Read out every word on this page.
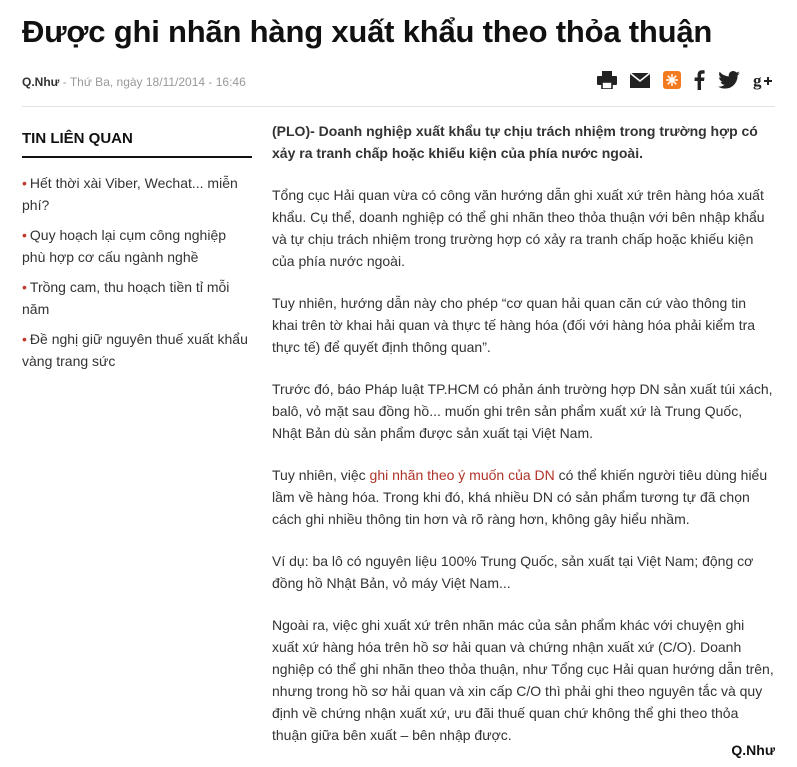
Được ghi nhãn hàng xuất khẩu theo thỏa thuận
Q.Như - Thứ Ba, ngày 18/11/2014 - 16:46	g
TIN LIÊN QUAN
• Hết thời xài Viber, Wechat... miễn phí?
• Quy hoạch lại cụm công nghiệp phù hợp cơ cấu ngành nghề
• Trồng cam, thu hoạch tiền tỉ mỗi năm
• Đề nghị giữ nguyên thuế xuất khẩu vàng trang sức

(PLO)- Doanh nghiệp xuất khẩu tự chịu trách nhiệm trong trường hợp có xảy ra tranh chấp hoặc khiếu kiện của phía nước ngoài.

Tổng cục Hải quan vừa có công văn hướng dẫn ghi xuất xứ trên hàng hóa xuất khẩu. Cụ thể, doanh nghiệp có thể ghi nhãn theo thỏa thuận với bên nhập khẩu và tự chịu trách nhiệm trong trường hợp có xảy ra tranh chấp hoặc khiếu kiện của phía nước ngoài.

Tuy nhiên, hướng dẫn này cho phép “cơ quan hải quan căn cứ vào thông tin khai trên tờ khai hải quan và thực tế hàng hóa (đối với hàng hóa phải kiểm tra thực tế) để quyết định thông quan”.

Trước đó, báo Pháp luật TP.HCM có phản ánh trường hợp DN sản xuất túi xách, balô, vỏ mặt sau đồng hồ... muốn ghi trên sản phẩm xuất xứ là Trung Quốc, Nhật Bản dù sản phẩm được sản xuất tại Việt Nam.

Tuy nhiên, việc ghi nhãn theo ý muốn của DN có thể khiến người tiêu dùng hiểu lầm về hàng hóa. Trong khi đó, khá nhiều DN có sản phẩm tương tự đã chọn cách ghi nhiều thông tin hơn và rõ ràng hơn, không gây hiểu nhầm.

Ví dụ: ba lô có nguyên liệu 100% Trung Quốc, sản xuất tại Việt Nam; động cơ đồng hồ Nhật Bản, vỏ máy Việt Nam...

Ngoài ra, việc ghi xuất xứ trên nhãn mác của sản phẩm khác với chuyện ghi xuất xứ hàng hóa trên hồ sơ hải quan và chứng nhận xuất xứ (C/O). Doanh nghiệp có thể ghi nhãn theo thỏa thuận, như Tổng cục Hải quan hướng dẫn trên, nhưng trong hồ sơ hải quan và xin cấp C/O thì phải ghi theo nguyên tắc và quy định về chứng nhận xuất xứ, ưu đãi thuế quan chứ không thể ghi theo thỏa thuận giữa bên xuất – bên nhập được.

Q.Như
